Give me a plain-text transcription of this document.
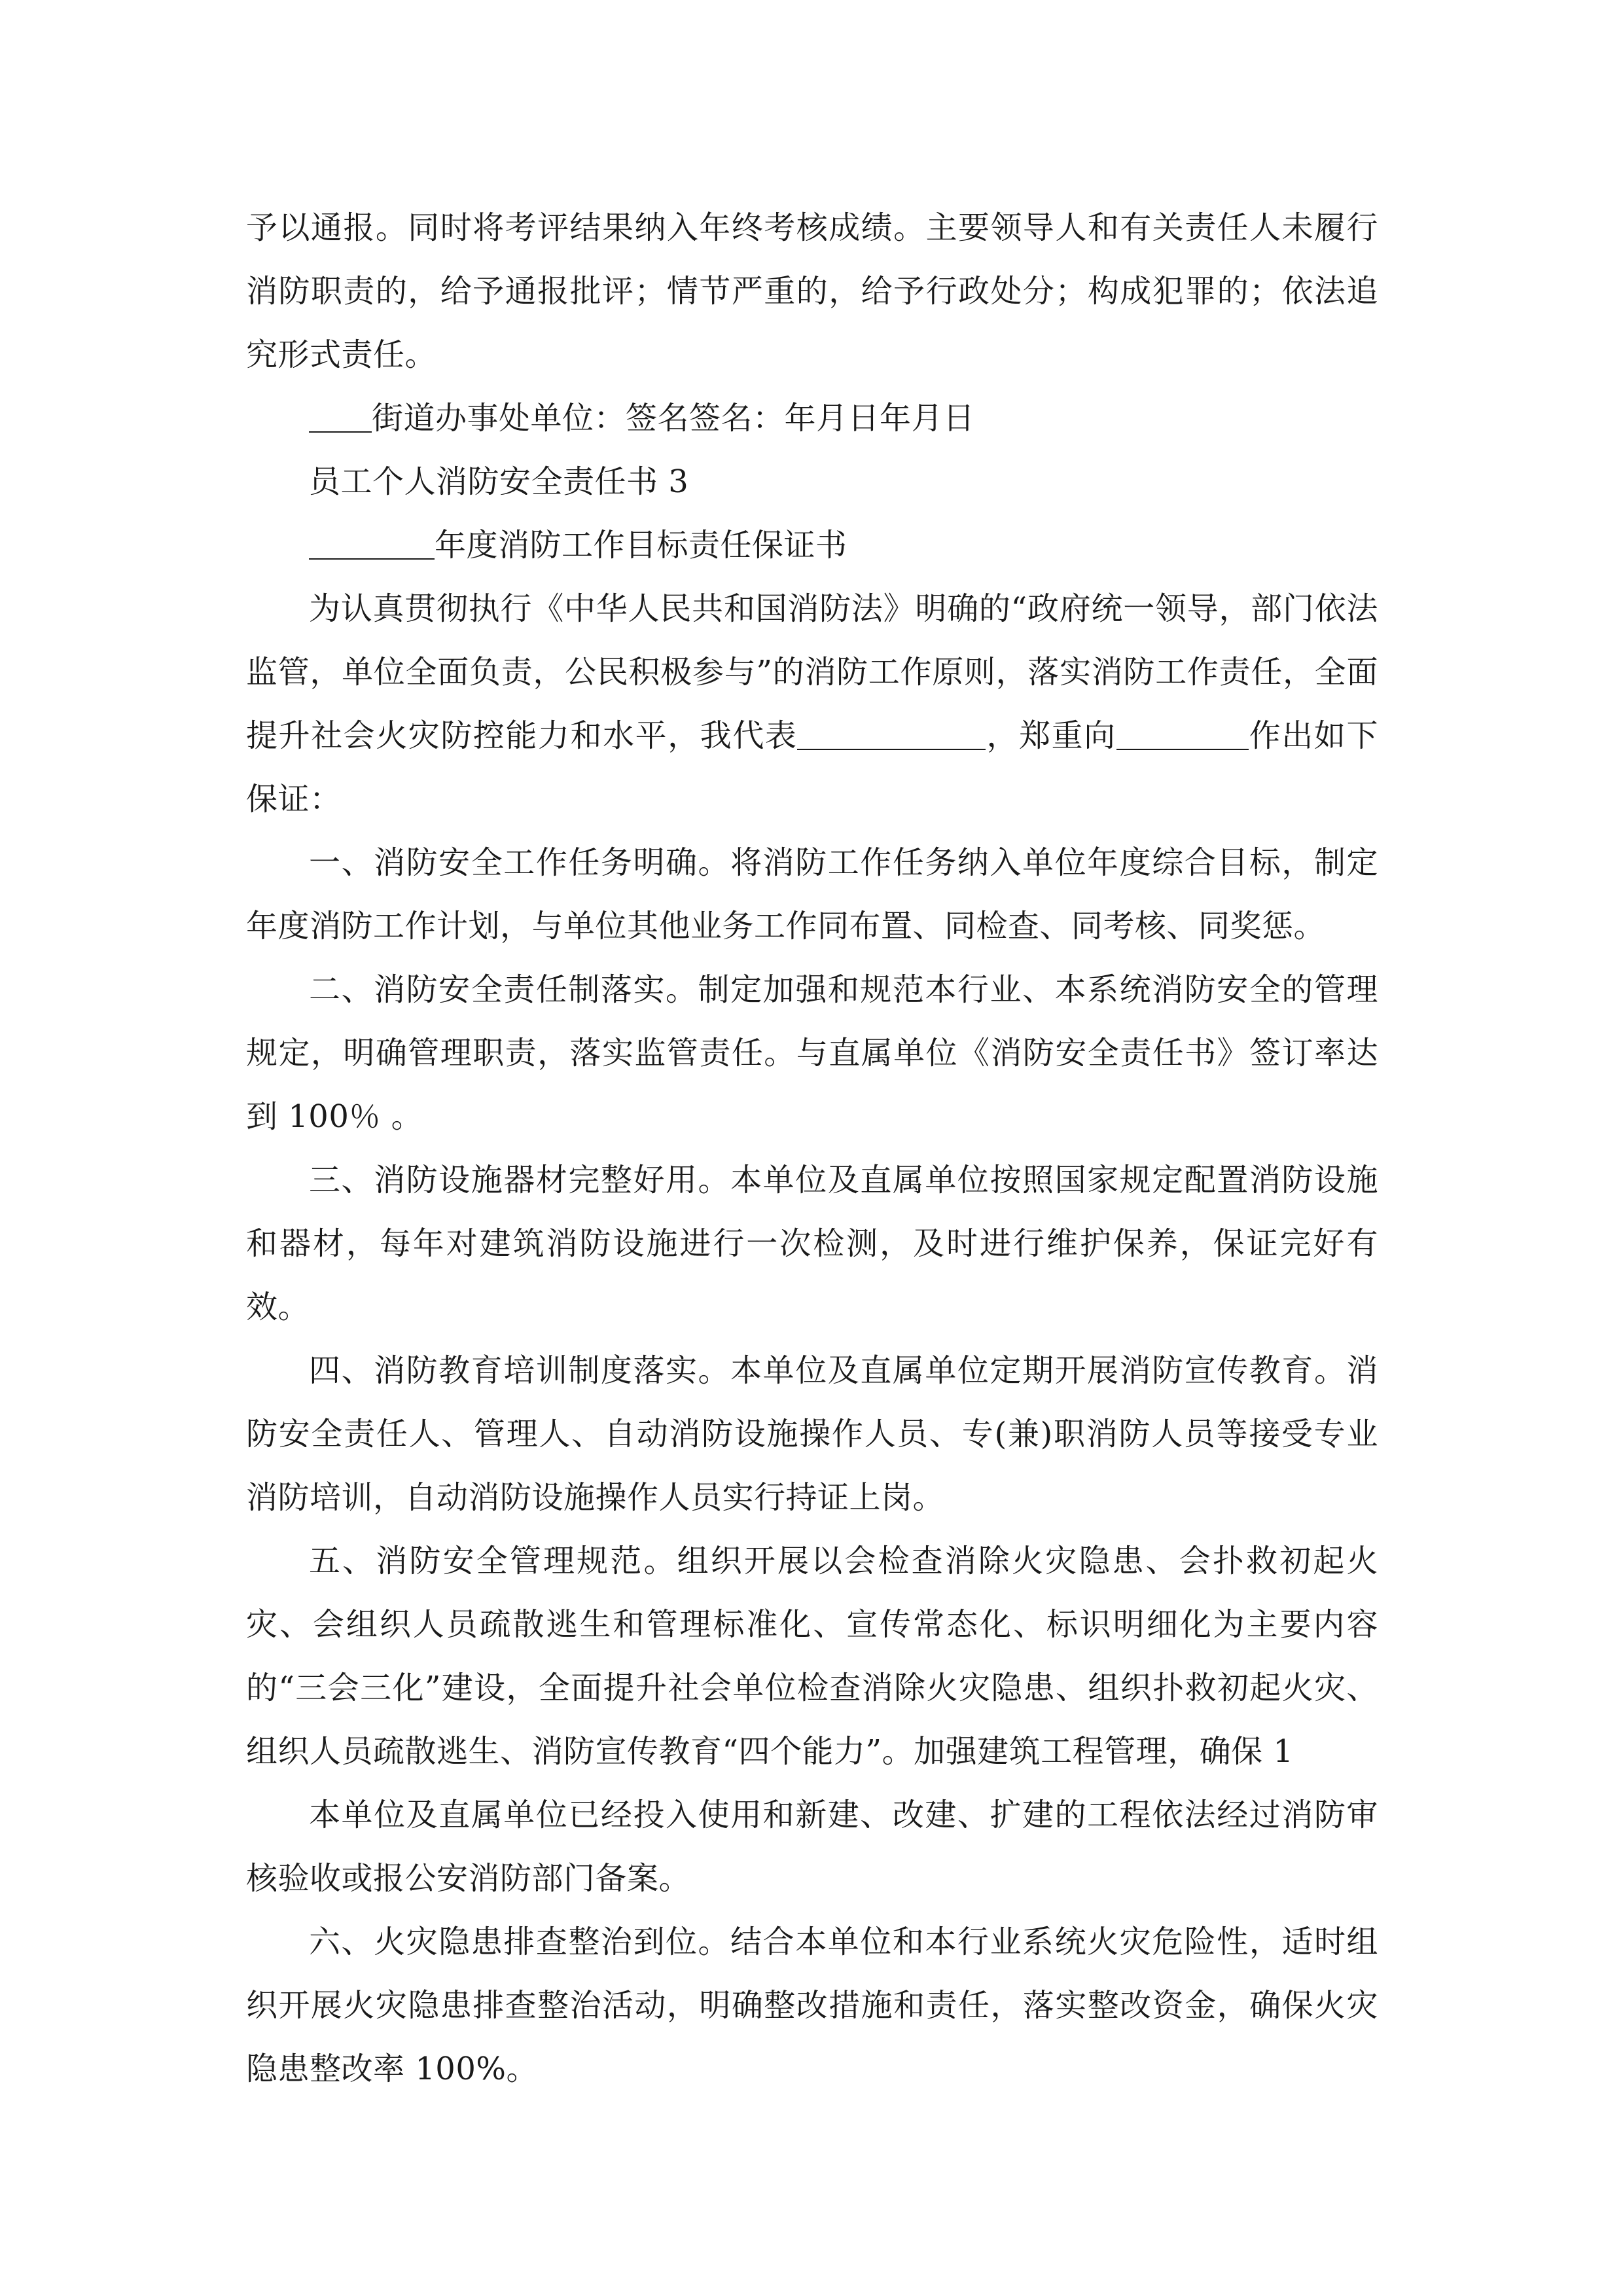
予以通报。同时将考评结果纳入年终考核成绩。主要领导人和有关责任人未履行消防职责的，给予通报批评；情节严重的，给予行政处分；构成犯罪的；依法追究形式责任。

街道办事处单位：签名签名：年月日年月日

员工个人消防安全责任书 3

年度消防工作目标责任保证书

为认真贯彻执行《中华人民共和国消防法》明确的“政府统一领导，部门依法监管，单位全面负责，公民积极参与”的消防工作原则，落实消防工作责任，全面提升社会火灾防控能力和水平，我代表	，郑重向	作出如下保证：

一、消防安全工作任务明确。将消防工作任务纳入单位年度综合目标，制定年度消防工作计划，与单位其他业务工作同布置、同检查、同考核、同奖惩。

二、消防安全责任制落实。制定加强和规范本行业、本系统消防安全的管理规定，明确管理职责，落实监管责任。与直属单位《消防安全责任书》签订率达到 100％ 。

三、消防设施器材完整好用。本单位及直属单位按照国家规定配置消防设施和器材，每年对建筑消防设施进行一次检测，及时进行维护保养，保证完好有效。

四、消防教育培训制度落实。本单位及直属单位定期开展消防宣传教育。消防安全责任人、管理人、自动消防设施操作人员、专(兼)职消防人员等接受专业消防培训，自动消防设施操作人员实行持证上岗。

五、消防安全管理规范。组织开展以会检查消除火灾隐患、会扑救初起火灾、会组织人员疏散逃生和管理标准化、宣传常态化、标识明细化为主要内容的“三会三化”建设，全面提升社会单位检查消除火灾隐患、组织扑救初起火灾、组织人员疏散逃生、消防宣传教育“四个能力”。加强建筑工程管理，确保 1

本单位及直属单位已经投入使用和新建、改建、扩建的工程依法经过消防审核验收或报公安消防部门备案。

六、火灾隐患排查整治到位。结合本单位和本行业系统火灾危险性，适时组织开展火灾隐患排查整治活动，明确整改措施和责任，落实整改资金，确保火灾隐患整改率 100%。
